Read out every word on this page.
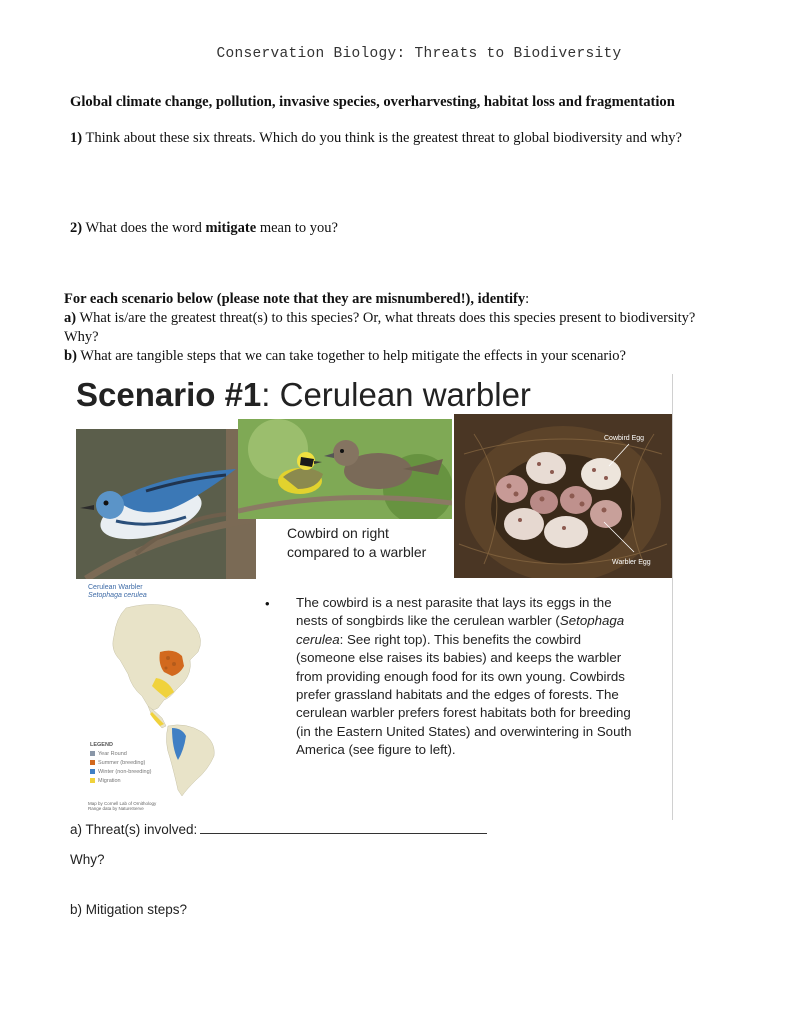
Conservation Biology: Threats to Biodiversity
Global climate change, pollution, invasive species, overharvesting, habitat loss and fragmentation
1) Think about these six threats. Which do you think is the greatest threat to global biodiversity and why?
2) What does the word mitigate mean to you?
For each scenario below (please note that they are misnumbered!), identify:
a) What is/are the greatest threat(s) to this species? Or, what threats does this species present to biodiversity? Why?
b) What are tangible steps that we can take together to help mitigate the effects in your scenario?
Scenario #1: Cerulean warbler
Cowbird Egg
Warbler Egg
Cowbird on right
compared to a warbler
Cerulean Warbler
Setophaga cerulea
LEGEND
Year Round
Summer (breeding)
Winter (non-breeding)
Migration
Map by Cornell Lab of Ornithology
Range data by NatureServe
• The cowbird is a nest parasite that lays its eggs in the nests of songbirds like the cerulean warbler (Setophaga cerulea: See right top). This benefits the cowbird (someone else raises its babies) and keeps the warbler from providing enough food for its own young. Cowbirds prefer grassland habitats and the edges of forests. The cerulean warbler prefers forest habitats both for breeding (in the Eastern United States) and overwintering in South America (see figure to left).
a) Threat(s) involved:
Why?
b) Mitigation steps?
